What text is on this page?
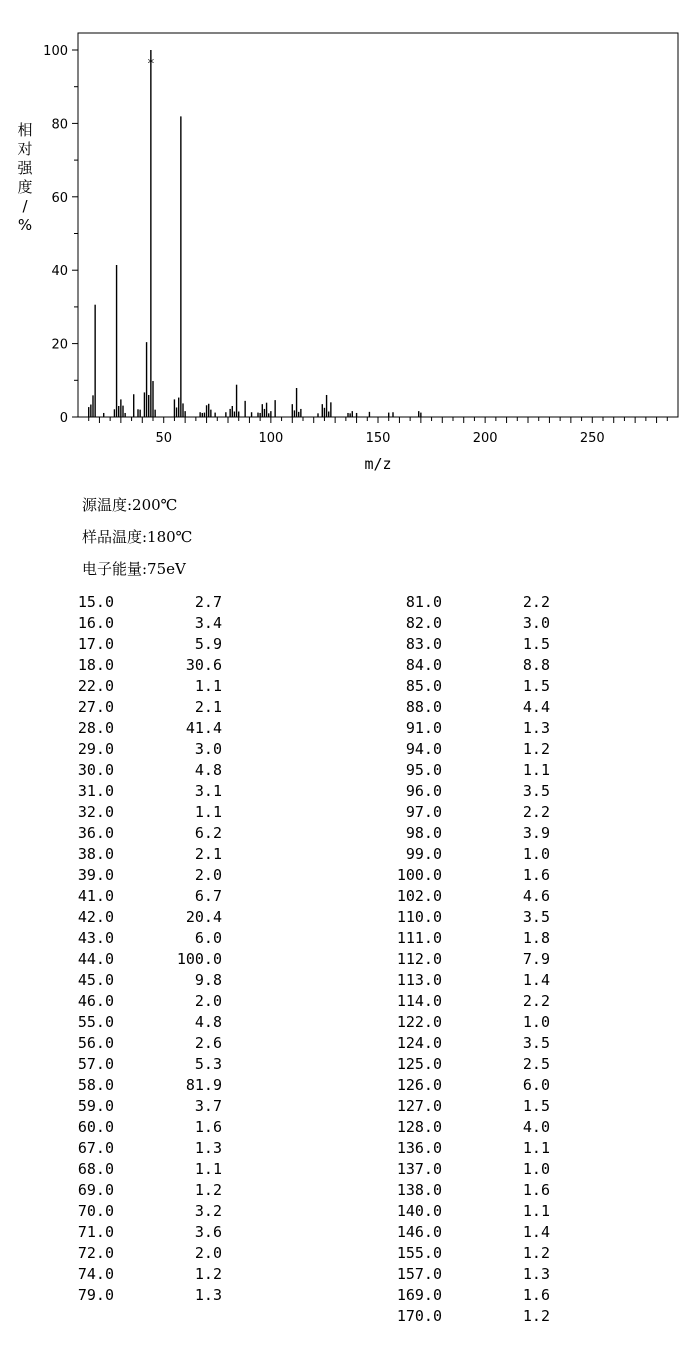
50	100	150	200	250
0
20
40
60
80
100
*
m/z
相对强度/ %
源温度:200℃
样品温度:180℃
电子能量:75eV
15.0	2.7
16.0	3.4
17.0	5.9
18.0	30.6
22.0	1.1
27.0	2.1
28.0	41.4
29.0	3.0
30.0	4.8
31.0	3.1
32.0	1.1
36.0	6.2
38.0	2.1
39.0	2.0
41.0	6.7
42.0	20.4
43.0	6.0
44.0	100.0
45.0	9.8
46.0	2.0
55.0	4.8
56.0	2.6
57.0	5.3
58.0	81.9
59.0	3.7
60.0	1.6
67.0	1.3
68.0	1.1
69.0	1.2
70.0	3.2
71.0	3.6
72.0	2.0
74.0	1.2
79.0	1.3
81.0	2.2
82.0	3.0
83.0	1.5
84.0	8.8
85.0	1.5
88.0	4.4
91.0	1.3
94.0	1.2
95.0	1.1
96.0	3.5
97.0	2.2
98.0	3.9
99.0	1.0
100.0	1.6
102.0	4.6
110.0	3.5
111.0	1.8
112.0	7.9
113.0	1.4
114.0	2.2
122.0	1.0
124.0	3.5
125.0	2.5
126.0	6.0
127.0	1.5
128.0	4.0
136.0	1.1
137.0	1.0
138.0	1.6
140.0	1.1
146.0	1.4
155.0	1.2
157.0	1.3
169.0	1.6
170.0	1.2
